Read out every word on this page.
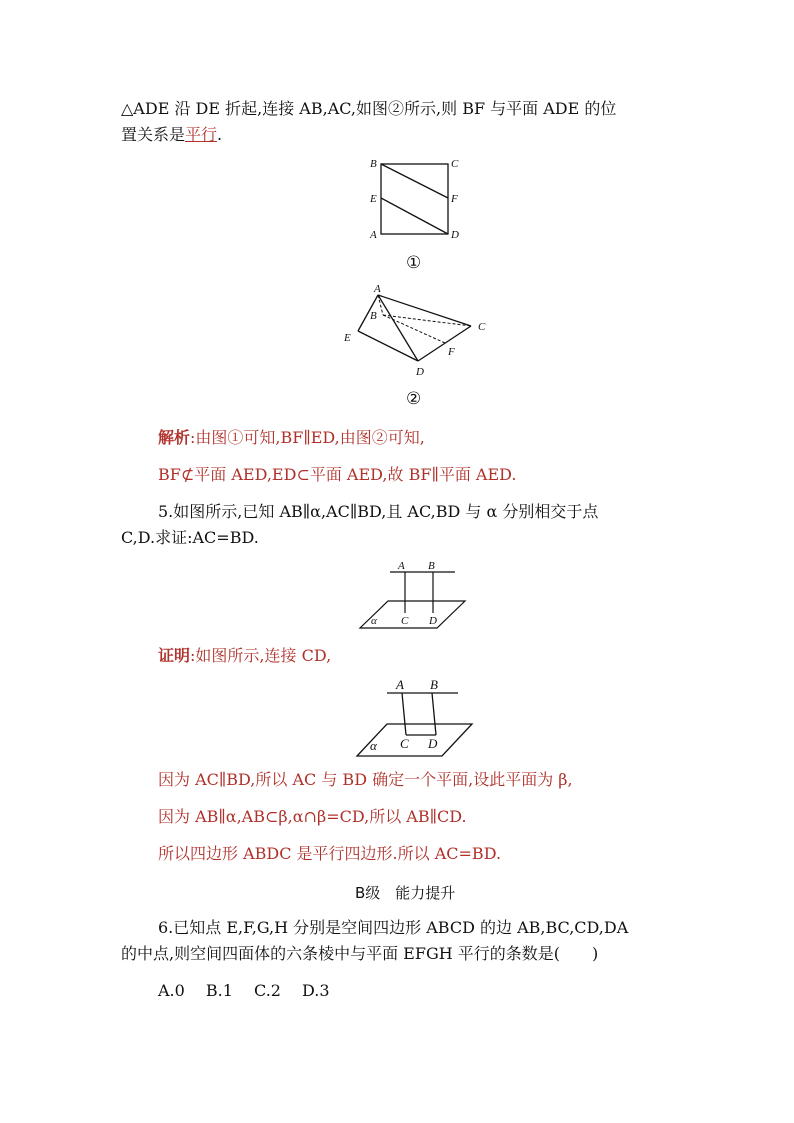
△ADE 沿 DE 折起,连接 AB,AC,如图②所示,则 BF 与平面 ADE 的位
置关系是平行.
B	C
E	F
A	D
①
A
B
C
E
F
D
②
解析:由图①可知,BF∥ED,由图②可知,
BF⊄平面 AED,ED⊂平面 AED,故 BF∥平面 AED.
5.如图所示,已知 AB∥α,AC∥BD,且 AC,BD 与 α 分别相交于点
C,D.求证:AC=BD.
A B
α C D
证明:如图所示,连接 CD,
A B
α C D
因为 AC∥BD,所以 AC 与 BD 确定一个平面,设此平面为 β,
因为 AB∥α,AB⊂β,α∩β=CD,所以 AB∥CD.
所以四边形 ABDC 是平行四边形.所以 AC=BD.
B级　能力提升
6.已知点 E,F,G,H 分别是空间四边形 ABCD 的边 AB,BC,CD,DA
的中点,则空间四面体的六条棱中与平面 EFGH 平行的条数是(　　)
A.0　 B.1　 C.2　 D.3
